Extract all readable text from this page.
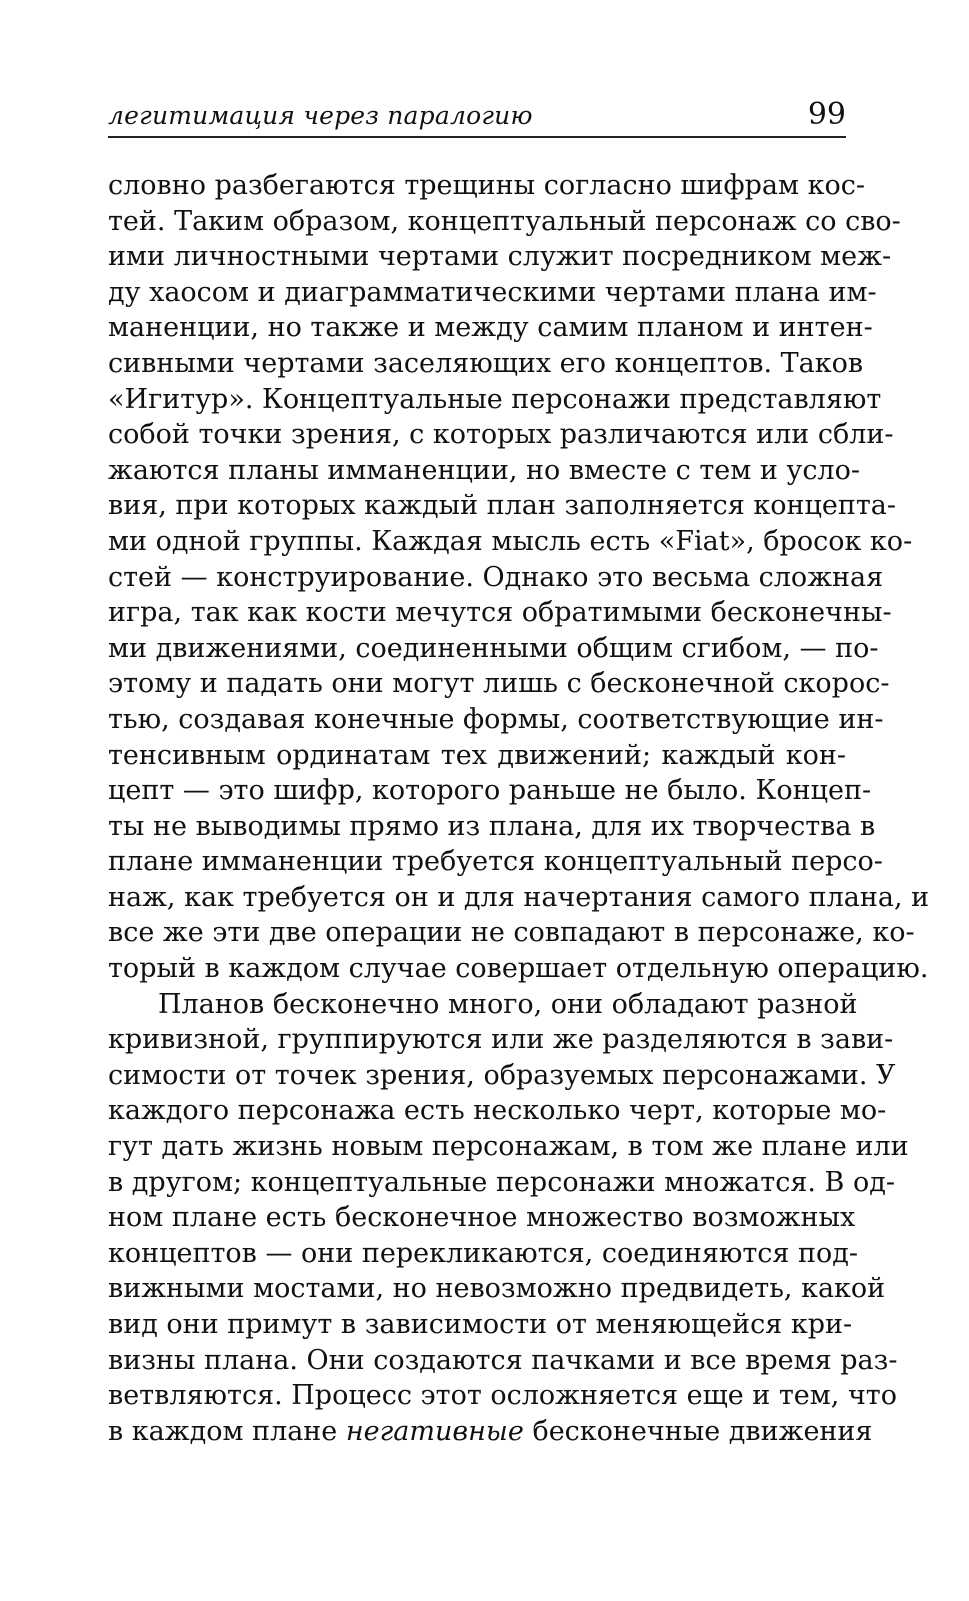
легитимация через паралогию	99
словно разбегаются трещины согласно шифрам кос-
тей. Таким образом, концептуальный персонаж со сво-
ими личностными чертами служит посредником меж-
ду хаосом и диаграмматическими чертами плана им-
маненции, но также и между самим планом и интен-
сивными чертами заселяющих его концептов. Таков
«Игитур». Концептуальные персонажи представляют
собой точки зрения, с которых различаются или сбли-
жаются планы имманенции, но вместе с тем и усло-
вия, при которых каждый план заполняется концепта-
ми одной группы. Каждая мысль есть «Fiat», бросок ко-
стей — конструирование. Однако это весьма сложная
игра, так как кости мечутся обратимыми бесконечны-
ми движениями, соединенными общим сгибом, — по-
этому и падать они могут лишь с бесконечной скорос-
тью, создавая конечные формы, соответствующие ин-
тенсивным ординатам тех движений; каждый кон-
цепт — это шифр, которого раньше не было. Концеп-
ты не выводимы прямо из плана, для их творчества в
плане имманенции требуется концептуальный персо-
наж, как требуется он и для начертания самого плана, и
все же эти две операции не совпадают в персонаже, ко-
торый в каждом случае совершает отдельную операцию.
Планов бесконечно много, они обладают разной
кривизной, группируются или же разделяются в зави-
симости от точек зрения, образуемых персонажами. У
каждого персонажа есть несколько черт, которые мо-
гут дать жизнь новым персонажам, в том же плане или
в другом; концептуальные персонажи множатся. В од-
ном плане есть бесконечное множество возможных
концептов — они перекликаются, соединяются под-
вижными мостами, но невозможно предвидеть, какой
вид они примут в зависимости от меняющейся кри-
визны плана. Они создаются пачками и все время раз-
ветвляются. Процесс этот осложняется еще и тем, что
в каждом плане негативные бесконечные движения
